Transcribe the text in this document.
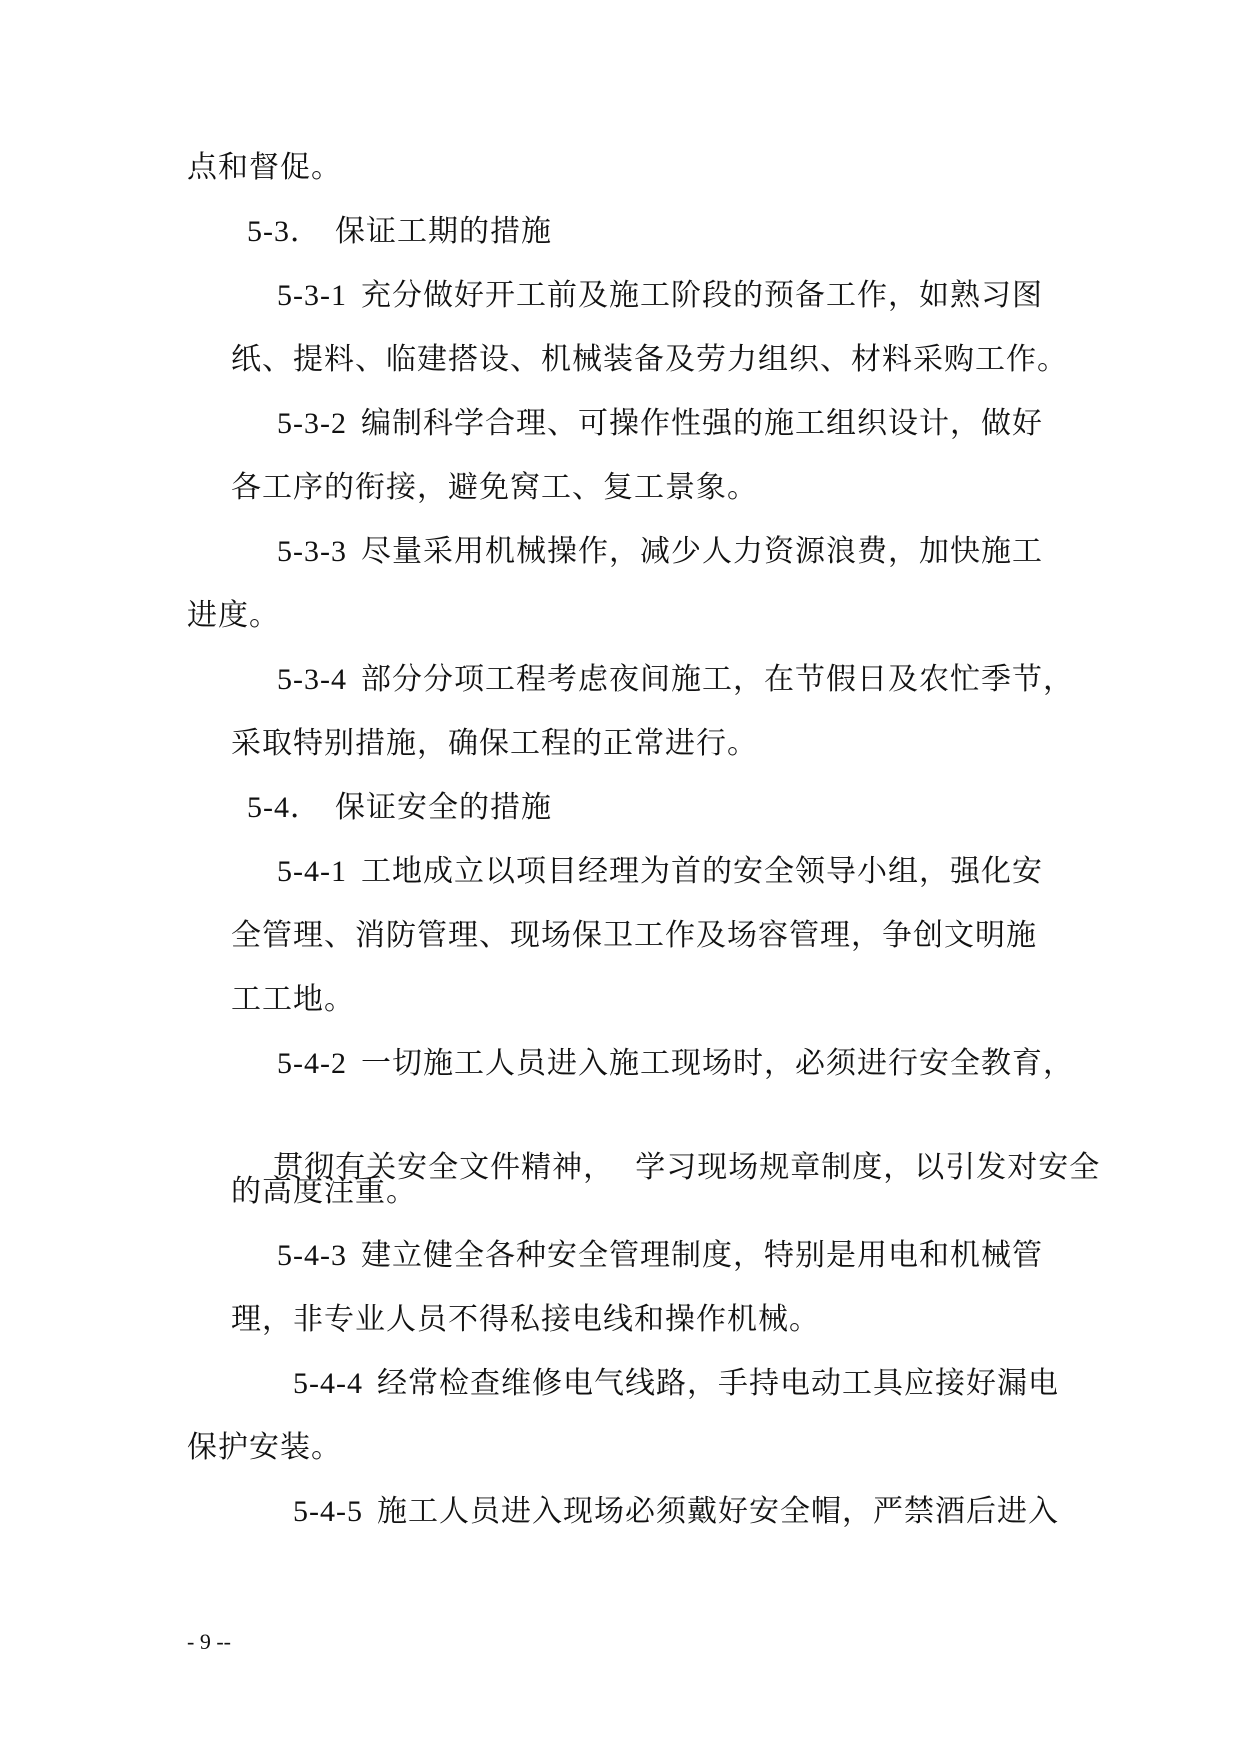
点和督促。
5-3． 保证工期的措施
5-3-1 充分做好开工前及施工阶段的预备工作，如熟习图
纸、提料、临建搭设、机械装备及劳力组织、材料采购工作。
5-3-2 编制科学合理、可操作性强的施工组织设计，做好
各工序的衔接，避免窝工、复工景象。
5-3-3 尽量采用机械操作，减少人力资源浪费，加快施工
进度。
5-3-4 部分分项工程考虑夜间施工，在节假日及农忙季节，
采取特别措施，确保工程的正常进行。
5-4． 保证安全的措施
5-4-1 工地成立以项目经理为首的安全领导小组，强化安
全管理、消防管理、现场保卫工作及场容管理，争创文明施
工工地。
5-4-2 一切施工人员进入施工现场时，必须进行安全教育，

贯彻有关安全文件精神，  学习现场规章制度，以引发对安全

的高度注重。
5-4-3 建立健全各种安全管理制度，特别是用电和机械管
理，非专业人员不得私接电线和操作机械。
5-4-4 经常检查维修电气线路，手持电动工具应接好漏电
保护安装。
5-4-5 施工人员进入现场必须戴好安全帽，严禁酒后进入
- 9 --
